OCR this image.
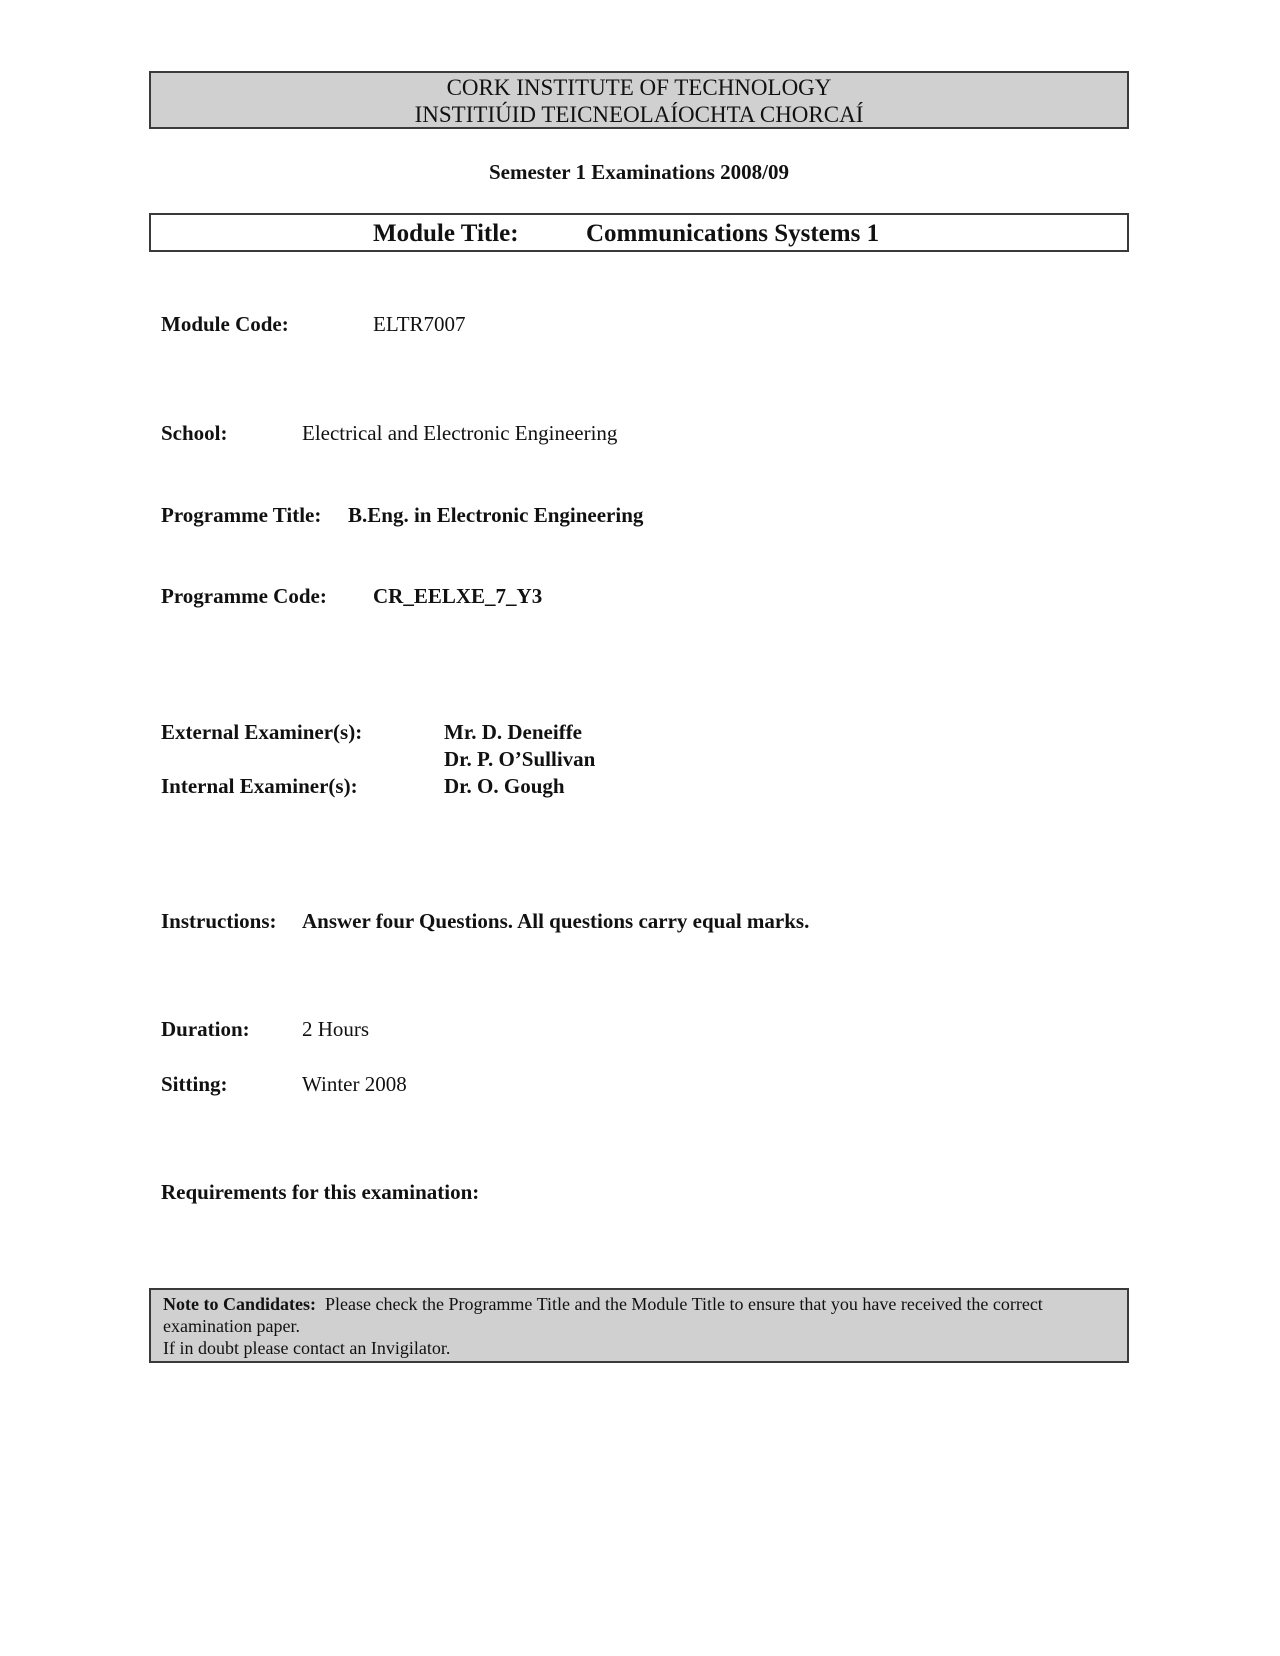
CORK INSTITUTE OF TECHNOLOGY
INSTITIÚID TEICNEOLAÍOCHTA CHORCAÍ
Semester 1 Examinations 2008/09
Module Title:	Communications Systems 1
Module Code:	ELTR7007
School:	Electrical and Electronic Engineering
Programme Title: B.Eng. in Electronic Engineering
Programme Code: CR_EELXE_7_Y3
External Examiner(s):	Mr. D. Deneiffe
Dr. P. O’Sullivan
Internal Examiner(s):	Dr. O. Gough
Instructions: Answer four Questions. All questions carry equal marks.
Duration: 2 Hours
Sitting:	Winter 2008
Requirements for this examination:
Note to Candidates: Please check the Programme Title and the Module Title to ensure that you have received the correct examination paper.
If in doubt please contact an Invigilator.
